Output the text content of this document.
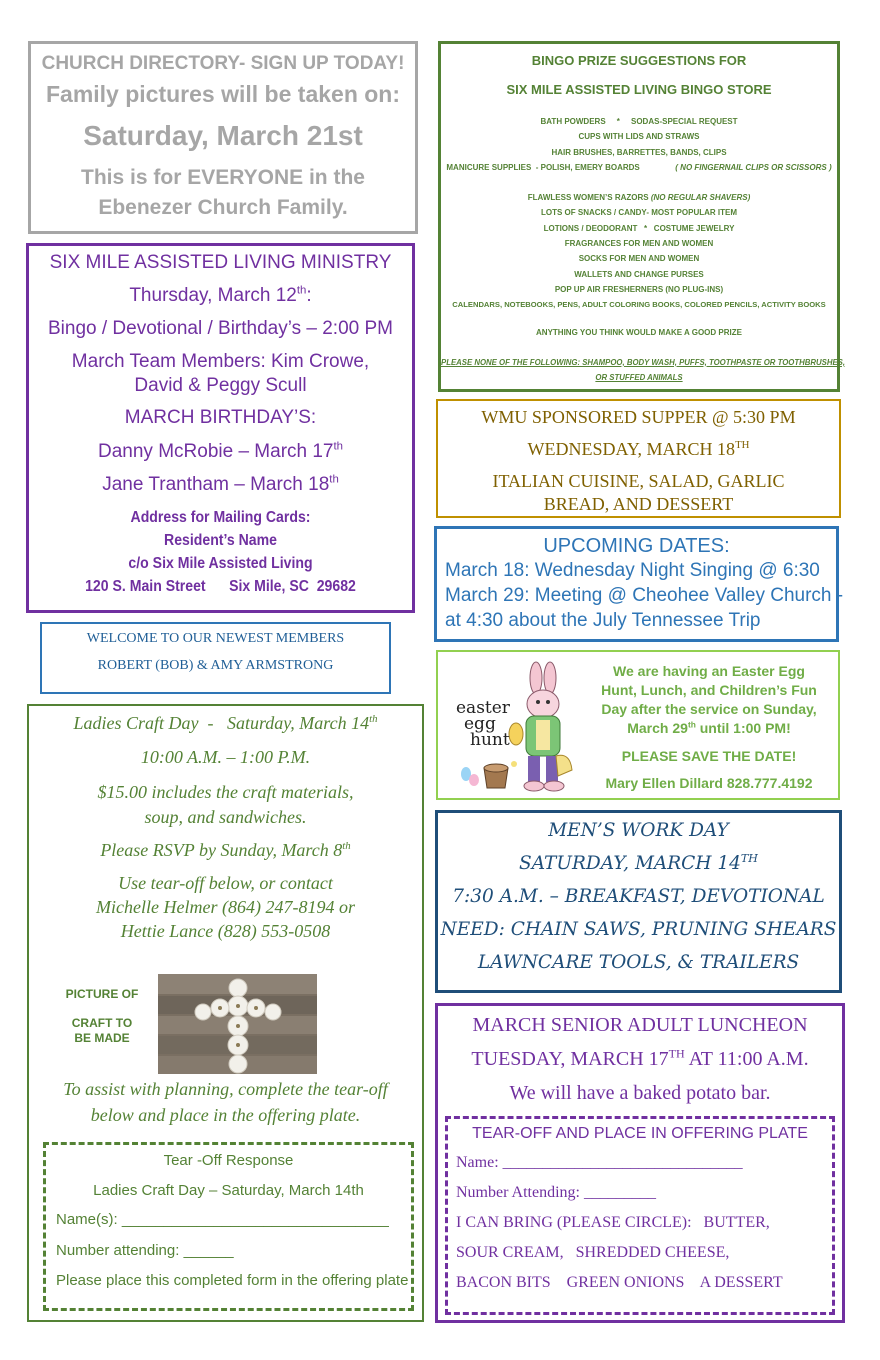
CHURCH DIRECTORY- SIGN UP TODAY!
Family pictures will be taken on:
Saturday, March 21st
This is for EVERYONE in the
Ebenezer Church Family.
SIX MILE ASSISTED LIVING MINISTRY
Thursday, March 12th:
Bingo / Devotional / Birthday’s – 2:00 PM
March Team Members: Kim Crowe,
David & Peggy Scull
MARCH BIRTHDAY’S:
Danny McRobie – March 17th
Jane Trantham – March 18th
Address for Mailing Cards:
Resident’s Name
c/o Six Mile Assisted Living
120 S. Main Street      Six Mile, SC  29682
WELCOME TO OUR NEWEST MEMBERS
ROBERT (BOB) & AMY ARMSTRONG
Ladies Craft Day  -   Saturday, March 14th
10:00 A.M. – 1:00 P.M.
$15.00 includes the craft materials,
soup, and sandwiches.
Please RSVP by Sunday, March 8th
Use tear-off below, or contact
Michelle Helmer (864) 247-8194 or
Hettie Lance (828) 553-0508
PICTURE OF
CRAFT TO
BE MADE
To assist with planning, complete the tear-off
below and place in the offering plate.
Tear -Off Response
Ladies Craft Day – Saturday, March 14th
Name(s): ________________________________
Number attending: ______
Please place this completed form in the offering plate
BINGO PRIZE SUGGESTIONS FOR
SIX MILE ASSISTED LIVING BINGO STORE
BATH POWDERS     *     SODAS-SPECIAL REQUEST
CUPS WITH LIDS AND STRAWS
HAIR BRUSHES, BARRETTES, BANDS, CLIPS
MANICURE SUPPLIES  - POLISH, EMERY BOARDS	( NO FINGERNAIL CLIPS OR SCISSORS )
FLAWLESS WOMEN’S RAZORS (NO REGULAR SHAVERS)
LOTS OF SNACKS / CANDY- MOST POPULAR ITEM
LOTIONS / DEODORANT   *   COSTUME JEWELRY
FRAGRANCES FOR MEN AND WOMEN
SOCKS FOR MEN AND WOMEN
WALLETS AND CHANGE PURSES
POP UP AIR FRESHERNERS (NO PLUG-INS)
CALENDARS, NOTEBOOKS, PENS, ADULT COLORING BOOKS, COLORED PENCILS, ACTIVITY BOOKS
ANYTHING YOU THINK WOULD MAKE A GOOD PRIZE
PLEASE NONE OF THE FOLLOWING: SHAMPOO, BODY WASH, PUFFS, TOOTHPASTE OR TOOTHBRUSHES,
OR STUFFED ANIMALS
WMU SPONSORED SUPPER @ 5:30 PM
WEDNESDAY, MARCH 18TH
ITALIAN CUISINE, SALAD, GARLIC
BREAD, AND DESSERT
UPCOMING DATES:
March 18: Wednesday Night Singing @ 6:30
March 29: Meeting @ Cheohee Valley Church -
at 4:30 about the July Tennessee Trip
easter
egg
hunt
We are having an Easter Egg
Hunt, Lunch, and Children’s Fun
Day after the service on Sunday,
March 29th until 1:00 PM!
PLEASE SAVE THE DATE!
Mary Ellen Dillard 828.777.4192
MEN’S WORK DAY
SATURDAY, MARCH 14TH
7:30 A.M. – BREAKFAST, DEVOTIONAL
NEED: CHAIN SAWS, PRUNING SHEARS
LAWNCARE TOOLS, & TRAILERS
MARCH SENIOR ADULT LUNCHEON
TUESDAY, MARCH 17TH AT 11:00 A.M.
We will have a baked potato bar.
TEAR-OFF AND PLACE IN OFFERING PLATE
Name: ______________________________
Number Attending: _________
I CAN BRING (PLEASE CIRCLE):   BUTTER,
SOUR CREAM,   SHREDDED CHEESE,
BACON BITS    GREEN ONIONS    A DESSERT
